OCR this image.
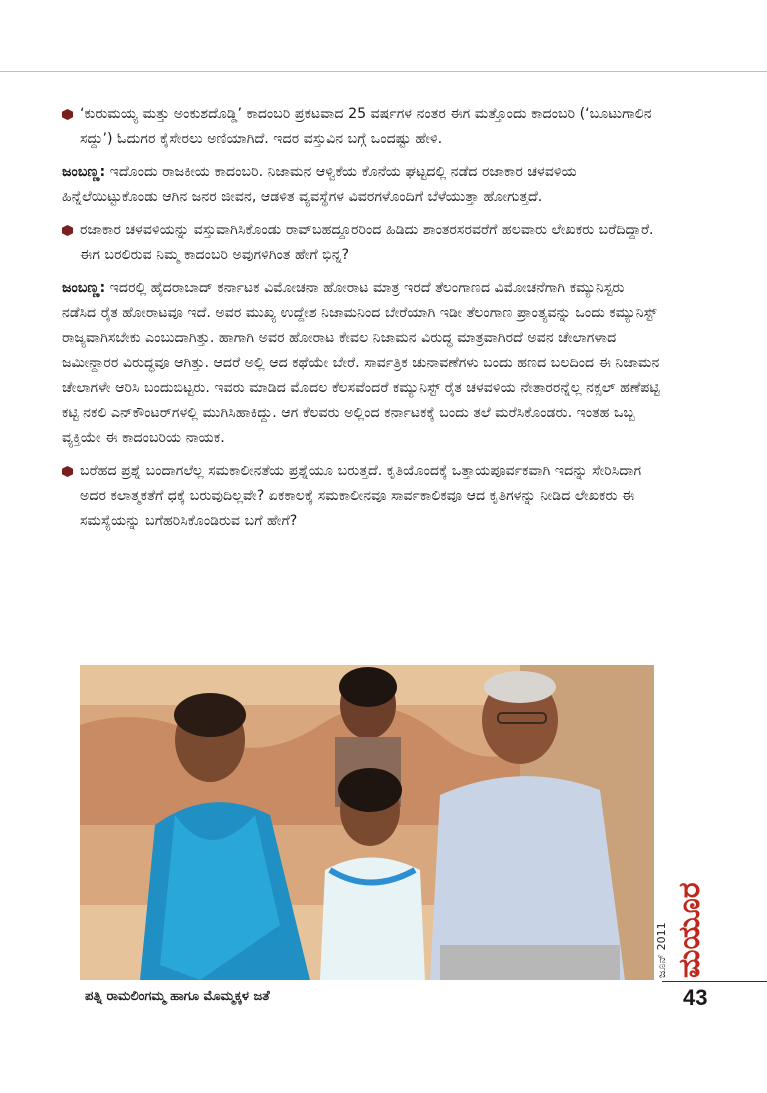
‘ಕುರುಮಯ್ಯ ಮತ್ತು ಅಂಕುಶದೊಡ್ಡಿ’ ಕಾದಂಬರಿ ಪ್ರಕಟವಾದ 25 ವರ್ಷಗಳ ನಂತರ ಈಗ ಮತ್ತೊಂದು ಕಾದಂಬರಿ (‘ಬೂಟುಗಾಲಿನ ಸದ್ದು’) ಓದುಗರ ಕೈಸೇರಲು ಅಣಿಯಾಗಿದೆ. ಇದರ ವಸ್ತುವಿನ ಬಗ್ಗೆ ಒಂದಷ್ಟು ಹೇಳಿ.
ಜಂಬಣ್ಣ: ಇದೊಂದು ರಾಜಕೀಯ ಕಾದಂಬರಿ. ನಿಜಾಮನ ಆಳ್ವಿಕೆಯ ಕೊನೆಯ ಘಟ್ಟದಲ್ಲಿ ನಡೆದ ರಜಾಕಾರ ಚಳವಳಿಯ ಹಿನ್ನೆಲೆಯಿಟ್ಟುಕೊಂಡು ಆಗಿನ ಜನರ ಜೀವನ, ಆಡಳಿತ ವ್ಯವಸ್ಥೆಗಳ ವಿವರಗಳೊಂದಿಗೆ ಬೆಳೆಯುತ್ತಾ ಹೋಗುತ್ತದೆ.
ರಜಾಕಾರ ಚಳವಳಿಯನ್ನು ವಸ್ತುವಾಗಿಸಿಕೊಂಡು ರಾವ್‌ಬಹದ್ದೂರರಿಂದ ಹಿಡಿದು ಶಾಂತರಸರವರೆಗೆ ಹಲವಾರು ಲೇಖಕರು ಬರೆದಿದ್ದಾರೆ. ಈಗ ಬರಲಿರುವ ನಿಮ್ಮ ಕಾದಂಬರಿ ಅವುಗಳಿಗಿಂತ ಹೇಗೆ ಭಿನ್ನ?
ಜಂಬಣ್ಣ: ಇದರಲ್ಲಿ ಹೈದರಾಬಾದ್ ಕರ್ನಾಟಕ ವಿಮೋಚನಾ ಹೋರಾಟ ಮಾತ್ರ ಇರದೆ ತೆಲಂಗಾಣದ ವಿಮೋಚನೆಗಾಗಿ ಕಮ್ಯುನಿಸ್ಟರು ನಡೆಸಿದ ರೈತ ಹೋರಾಟವೂ ಇದೆ. ಅವರ ಮುಖ್ಯ ಉದ್ದೇಶ ನಿಜಾಮನಿಂದ ಬೇರೆಯಾಗಿ ಇಡೀ ತೆಲಂಗಾಣ ಪ್ರಾಂತ್ಯವನ್ನು ಒಂದು ಕಮ್ಯುನಿಸ್ಟ್ ರಾಜ್ಯವಾಗಿಸಬೇಕು ಎಂಬುದಾಗಿತ್ತು. ಹಾಗಾಗಿ ಅವರ ಹೋರಾಟ ಕೇವಲ ನಿಜಾಮನ ವಿರುದ್ಧ ಮಾತ್ರವಾಗಿರದೆ ಅವನ ಚೇಲಾಗಳಾದ ಜಮೀನ್ದಾರರ ವಿರುದ್ಧವೂ ಆಗಿತ್ತು. ಆದರೆ ಅಲ್ಲಿ ಆದ ಕಥೆಯೇ ಬೇರೆ. ಸಾರ್ವತ್ರಿಕ ಚುನಾವಣೆಗಳು ಬಂದು ಹಣದ ಬಲದಿಂದ ಈ ನಿಜಾಮನ ಚೇಲಾಗಳೇ ಆರಿಸಿ ಬಂದುಬಿಟ್ಟರು. ಇವರು ಮಾಡಿದ ಮೊದಲ ಕೆಲಸವೆಂದರೆ ಕಮ್ಯುನಿಸ್ಟ್ ರೈತ ಚಳವಳಿಯ ನೇತಾರರನ್ನೆಲ್ಲ ನಕ್ಸಲ್ ಹಣೆಪಟ್ಟಿ ಕಟ್ಟಿ ನಕಲಿ ಎನ್‌ಕೌಂಟರ್‌ಗಳಲ್ಲಿ ಮುಗಿಸಿಹಾಕಿದ್ದು. ಆಗ ಕೆಲವರು ಅಲ್ಲಿಂದ ಕರ್ನಾಟಕಕ್ಕೆ ಬಂದು ತಲೆ ಮರೆಸಿಕೊಂಡರು. ಇಂತಹ ಒಬ್ಬ ವ್ಯಕ್ತಿಯೇ ಈ ಕಾದಂಬರಿಯ ನಾಯಕ.
ಬರೆಹದ ಪ್ರಶ್ನೆ ಬಂದಾಗಲೆಲ್ಲ ಸಮಕಾಲೀನತೆಯ ಪ್ರಶ್ನೆಯೂ ಬರುತ್ತದೆ. ಕೃತಿಯೊಂದಕ್ಕೆ ಒತ್ತಾಯಪೂರ್ವಕವಾಗಿ ಇದನ್ನು ಸೇರಿಸಿದಾಗ ಅದರ ಕಲಾತ್ಮಕತೆಗೆ ಧಕ್ಕೆ ಬರುವುದಿಲ್ಲವೇ? ಏಕಕಾಲಕ್ಕೆ ಸಮಕಾಲೀನವೂ ಸಾರ್ವಕಾಲಿಕವೂ ಆದ ಕೃತಿಗಳನ್ನು ನೀಡಿದ ಲೇಖಕರು ಈ ಸಮಸ್ಯೆಯನ್ನು ಬಗೆಹರಿಸಿಕೊಂಡಿರುವ ಬಗೆ ಹೇಗೆ?
ಪತ್ನಿ ರಾಮಲಿಂಗಮ್ಮ ಹಾಗೂ ಮೊಮ್ಮಕ್ಕಳ ಜತೆ
ಮಯೂರ
ಜೂನ್ 2011
43
